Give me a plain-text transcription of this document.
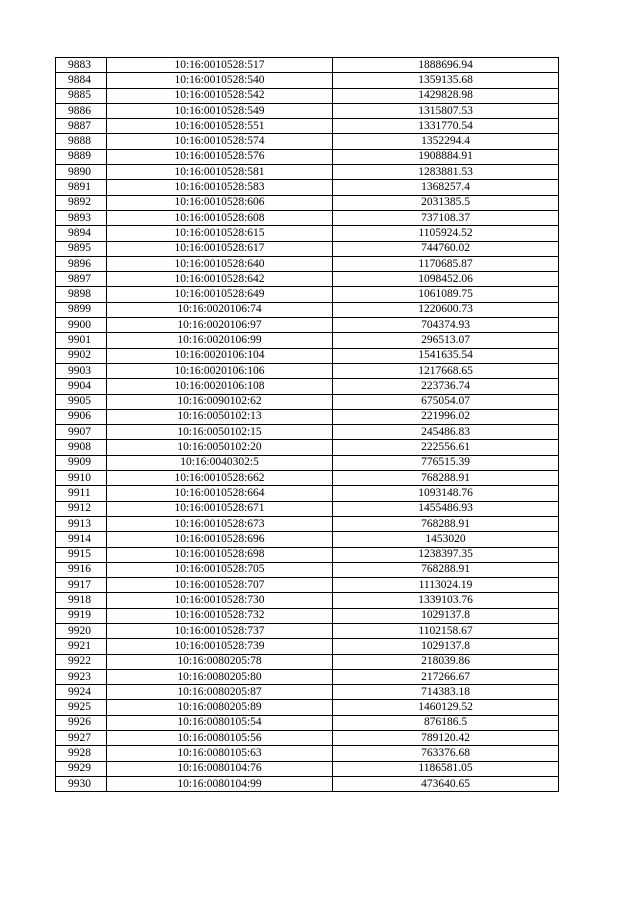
9883	10:16:0010528:517	1888696.94
9884	10:16:0010528:540	1359135.68
9885	10:16:0010528:542	1429828.98
9886	10:16:0010528:549	1315807.53
9887	10:16:0010528:551	1331770.54
9888	10:16:0010528:574	1352294.4
9889	10:16:0010528:576	1908884.91
9890	10:16:0010528:581	1283881.53
9891	10:16:0010528:583	1368257.4
9892	10:16:0010528:606	2031385.5
9893	10:16:0010528:608	737108.37
9894	10:16:0010528:615	1105924.52
9895	10:16:0010528:617	744760.02
9896	10:16:0010528:640	1170685.87
9897	10:16:0010528:642	1098452.06
9898	10:16:0010528:649	1061089.75
9899	10:16:0020106:74	1220600.73
9900	10:16:0020106:97	704374.93
9901	10:16:0020106:99	296513.07
9902	10:16:0020106:104	1541635.54
9903	10:16:0020106:106	1217668.65
9904	10:16:0020106:108	223736.74
9905	10:16:0090102:62	675054.07
9906	10:16:0050102:13	221996.02
9907	10:16:0050102:15	245486.83
9908	10:16:0050102:20	222556.61
9909	10:16:0040302:5	776515.39
9910	10:16:0010528:662	768288.91
9911	10:16:0010528:664	1093148.76
9912	10:16:0010528:671	1455486.93
9913	10:16:0010528:673	768288.91
9914	10:16:0010528:696	1453020
9915	10:16:0010528:698	1238397.35
9916	10:16:0010528:705	768288.91
9917	10:16:0010528:707	1113024.19
9918	10:16:0010528:730	1339103.76
9919	10:16:0010528:732	1029137.8
9920	10:16:0010528:737	1102158.67
9921	10:16:0010528:739	1029137.8
9922	10:16:0080205:78	218039.86
9923	10:16:0080205:80	217266.67
9924	10:16:0080205:87	714383.18
9925	10:16:0080205:89	1460129.52
9926	10:16:0080105:54	876186.5
9927	10:16:0080105:56	789120.42
9928	10:16:0080105:63	763376.68
9929	10:16:0080104:76	1186581.05
9930	10:16:0080104:99	473640.65
